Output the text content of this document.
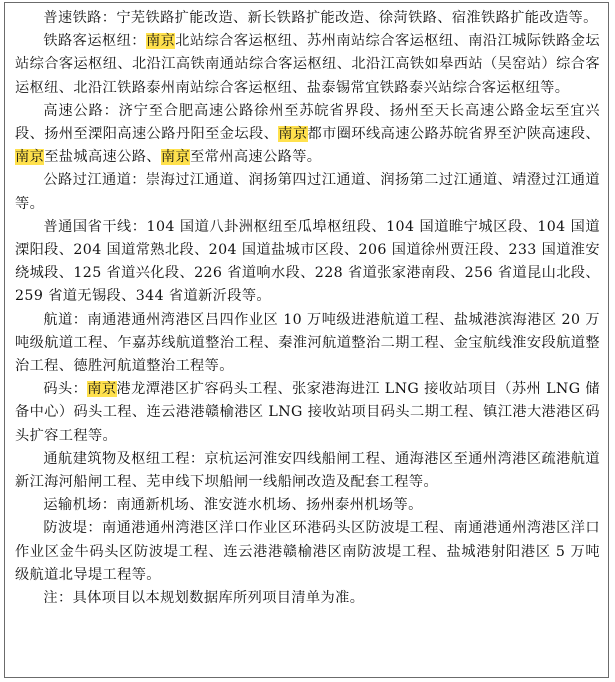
普速铁路：宁芜铁路扩能改造、新长铁路扩能改造、徐菏铁路、宿淮铁路扩能改造等。

铁路客运枢纽：南京北站综合客运枢纽、苏州南站综合客运枢纽、南沿江城际铁路金坛站综合客运枢纽、北沿江高铁南通站综合客运枢纽、北沿江高铁如皋西站（吴窑站）综合客运枢纽、北沿江铁路泰州南站综合客运枢纽、盐泰锡常宜铁路泰兴站综合客运枢纽等。

高速公路：济宁至合肥高速公路徐州至苏皖省界段、扬州至天长高速公路金坛至宜兴段、扬州至溧阳高速公路丹阳至金坛段、南京都市圈环线高速公路苏皖省界至沪陕高速段、南京至盐城高速公路、南京至常州高速公路等。

公路过江通道：崇海过江通道、润扬第四过江通道、润扬第二过江通道、靖澄过江通道等。

普通国省干线：104 国道八卦洲枢纽至瓜埠枢纽段、104 国道睢宁城区段、104 国道溧阳段、204 国道常熟北段、204 国道盐城市区段、206 国道徐州贾汪段、233 国道淮安绕城段、125 省道兴化段、226 省道响水段、228 省道张家港南段、256 省道昆山北段、259 省道无锡段、344 省道新沂段等。

航道：南通港通州湾港区吕四作业区 10 万吨级进港航道工程、盐城港滨海港区 20 万吨级航道工程、乍嘉苏线航道整治工程、秦淮河航道整治二期工程、金宝航线淮安段航道整治工程、德胜河航道整治工程等。

码头：南京港龙潭港区扩容码头工程、张家港海进江 LNG 接收站项目（苏州 LNG 储备中心）码头工程、连云港港赣榆港区 LNG 接收站项目码头二期工程、镇江港大港港区码头扩容工程等。

通航建筑物及枢纽工程：京杭运河淮安四线船闸工程、通海港区至通州湾港区疏港航道新江海河船闸工程、芜申线下坝船闸一线船闸改造及配套工程等。

运输机场：南通新机场、淮安涟水机场、扬州泰州机场等。

防波堤：南通港通州湾港区洋口作业区环港码头区防波堤工程、南通港通州湾港区洋口作业区金牛码头区防波堤工程、连云港港赣榆港区南防波堤工程、盐城港射阳港区 5 万吨级航道北导堤工程等。

注：具体项目以本规划数据库所列项目清单为准。
